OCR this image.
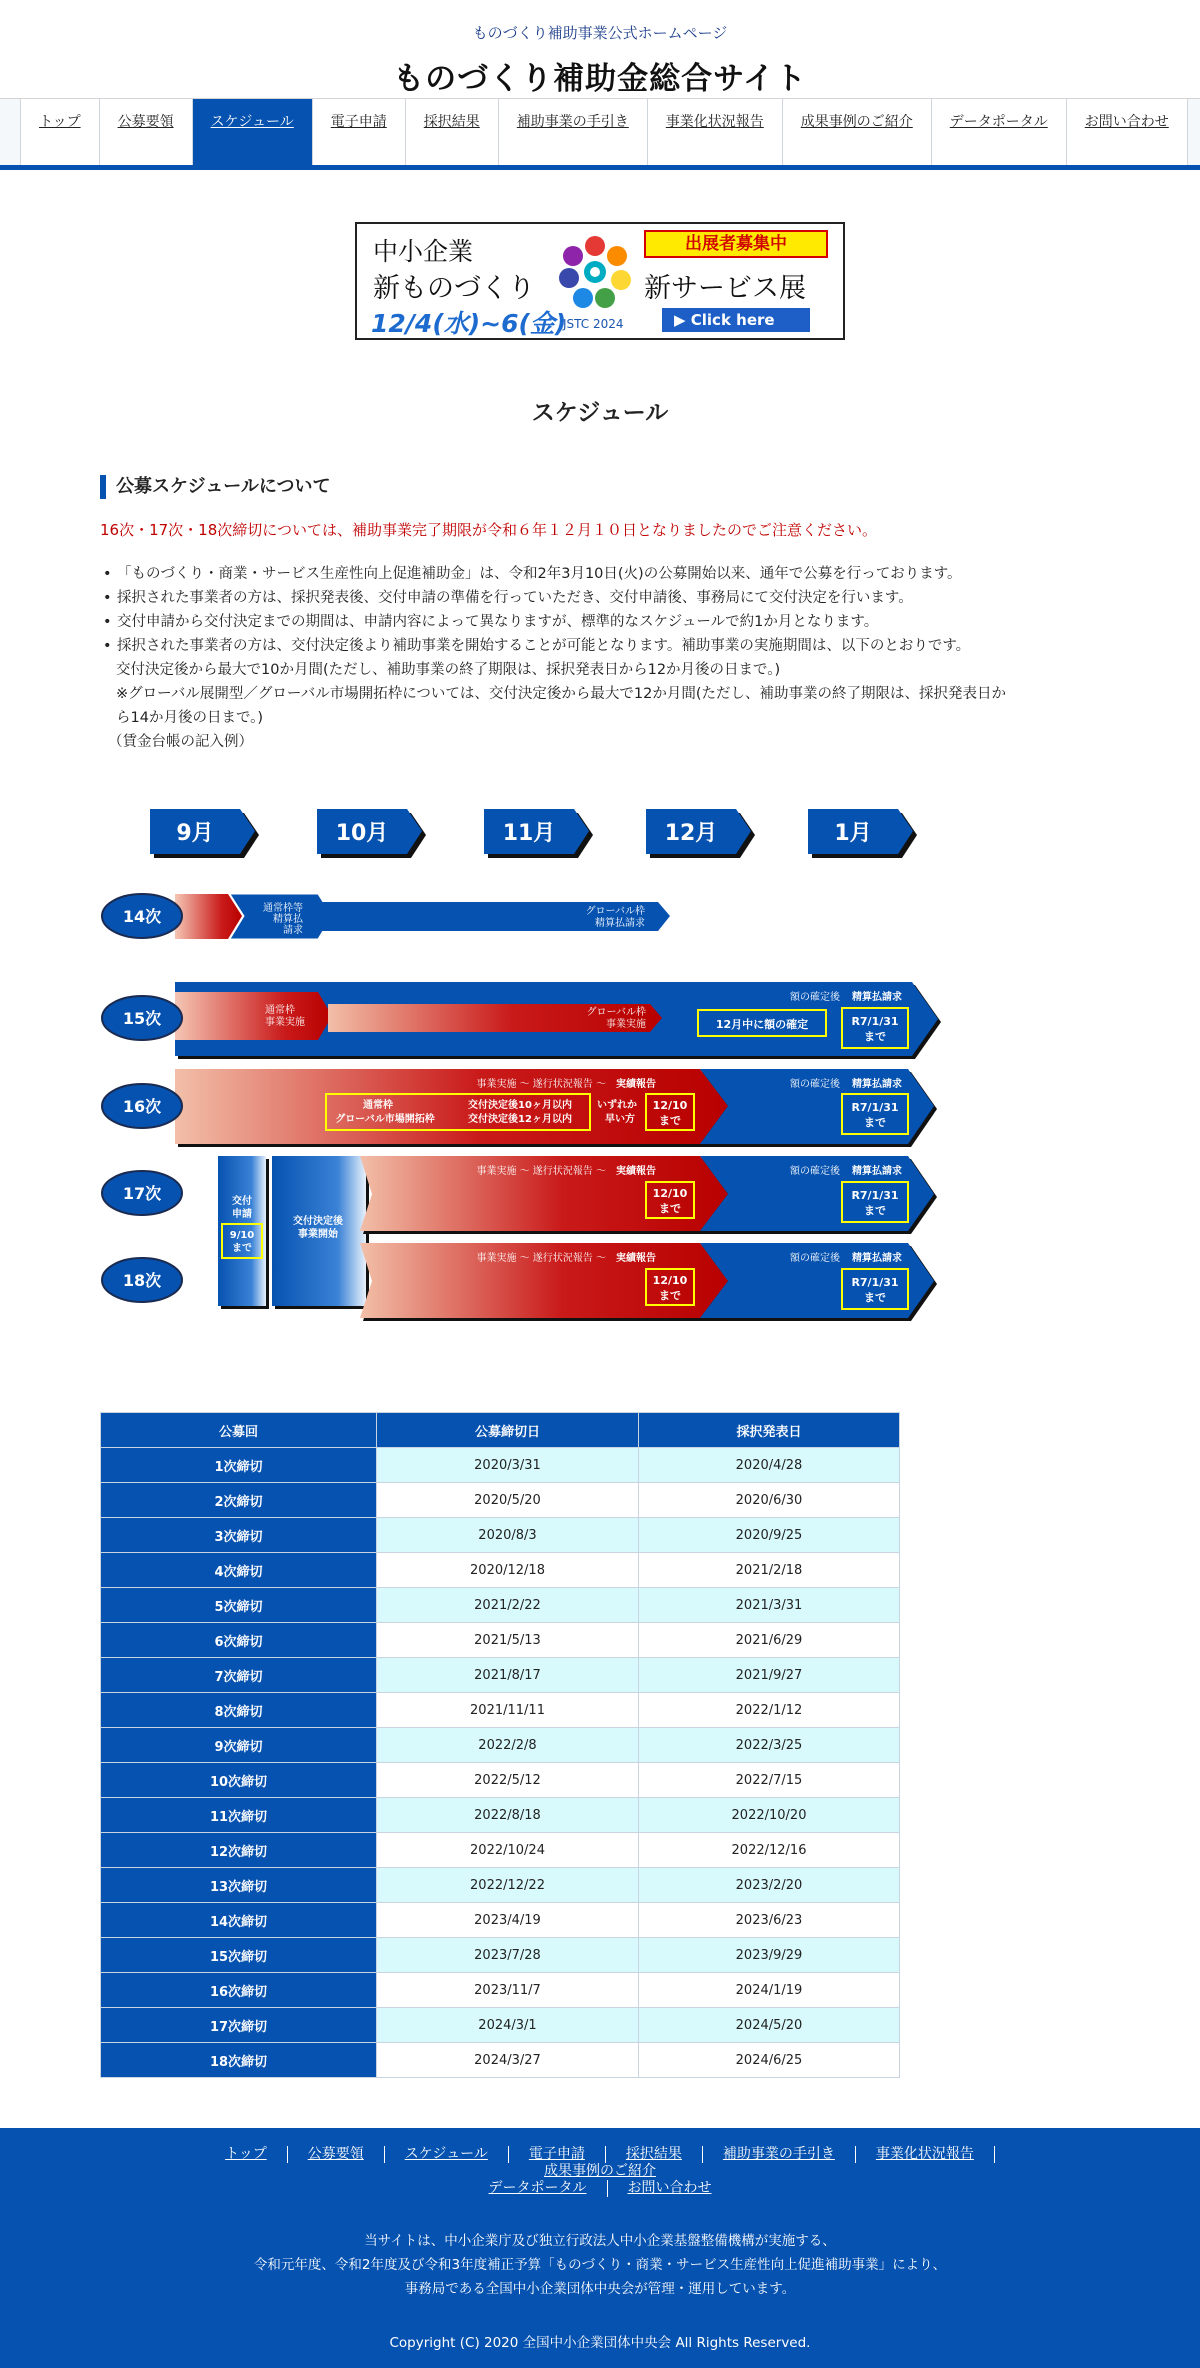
ものづくり補助事業公式ホームページ
ものづくり補助金総合サイト
トップ	公募要領	スケジュール	電子申請	採択結果	補助事業の手引き	事業化状況報告	成果事例のご紹介	データポータル	お問い合わせ
中小企業
新ものづくり
12/4(水)~6(金)
JSTC 2024
出展者募集中
新サービス展
▶ Click here
スケジュール
公募スケジュールについて

16次・17次・18次締切については、補助事業完了期限が令和６年１２月１０日となりましたのでご注意ください。

• 「ものづくり・商業・サービス生産性向上促進補助金」は、令和2年3月10日(火)の公募開始以来、通年で公募を行っております。
• 採択された事業者の方は、採択発表後、交付申請の準備を行っていただき、交付申請後、事務局にて交付決定を行います。
• 交付申請から交付決定までの期間は、申請内容によって異なりますが、標準的なスケジュールで約1か月となります。
• 採択された事業者の方は、交付決定後より補助事業を開始することが可能となります。補助事業の実施期間は、以下のとおりです。
交付決定後から最大で10か月間(ただし、補助事業の終了期限は、採択発表日から12か月後の日まで。)
※グローバル展開型／グローバル市場開拓枠については、交付決定後から最大で12か月間(ただし、補助事業の終了期限は、採択発表日か
ら14か月後の日まで。)
（賃金台帳の記入例）
9月	10月	11月	12月	1月
通常枠等
精算払
請求
グローバル枠
精算払請求
14次
通常枠
事業実施
グローバル枠
事業実施	12月中に額の確定
額の確定後 精算払請求
R7/1/31
まで
15次
事業実施 ～ 遂行状況報告 ～ 実績報告
通常枠
グローバル市場開拓枠
交付決定後10ヶ月以内
交付決定後12ヶ月以内
いずれか
早い方
12/10
まで
額の確定後 精算払請求
R7/1/31
まで
16次
交付
申請
9/10
まで
交付決定後
事業開始
事業実施 ～ 遂行状況報告 ～ 実績報告
12/10
まで
額の確定後 精算払請求
R7/1/31
まで
17次
事業実施 ～ 遂行状況報告 ～ 実績報告
12/10
まで
額の確定後 精算払請求
R7/1/31
まで
18次
公募回	公募締切日	採択発表日
1次締切	2020/3/31	2020/4/28
2次締切	2020/5/20	2020/6/30
3次締切	2020/8/3	2020/9/25
4次締切	2020/12/18	2021/2/18
5次締切	2021/2/22	2021/3/31
6次締切	2021/5/13	2021/6/29
7次締切	2021/8/17	2021/9/27
8次締切	2021/11/11	2022/1/12
9次締切	2022/2/8	2022/3/25
10次締切	2022/5/12	2022/7/15
11次締切	2022/8/18	2022/10/20
12次締切	2022/10/24	2022/12/16
13次締切	2022/12/22	2023/2/20
14次締切	2023/4/19	2023/6/23
15次締切	2023/7/28	2023/9/29
16次締切	2023/11/7	2024/1/19
17次締切	2024/3/1	2024/5/20
18次締切	2024/3/27	2024/6/25
トップ	公募要領	スケジュール	電子申請	採択結果	補助事業の手引き	事業化状況報告成果事例のご紹介
データポータル	お問い合わせ
当サイトは、中小企業庁及び独立行政法人中小企業基盤整備機構が実施する、
令和元年度、令和2年度及び令和3年度補正予算「ものづくり・商業・サービス生産性向上促進補助事業」により、
事務局である全国中小企業団体中央会が管理・運用しています。
Copyright (C) 2020 全国中小企業団体中央会 All Rights Reserved.
